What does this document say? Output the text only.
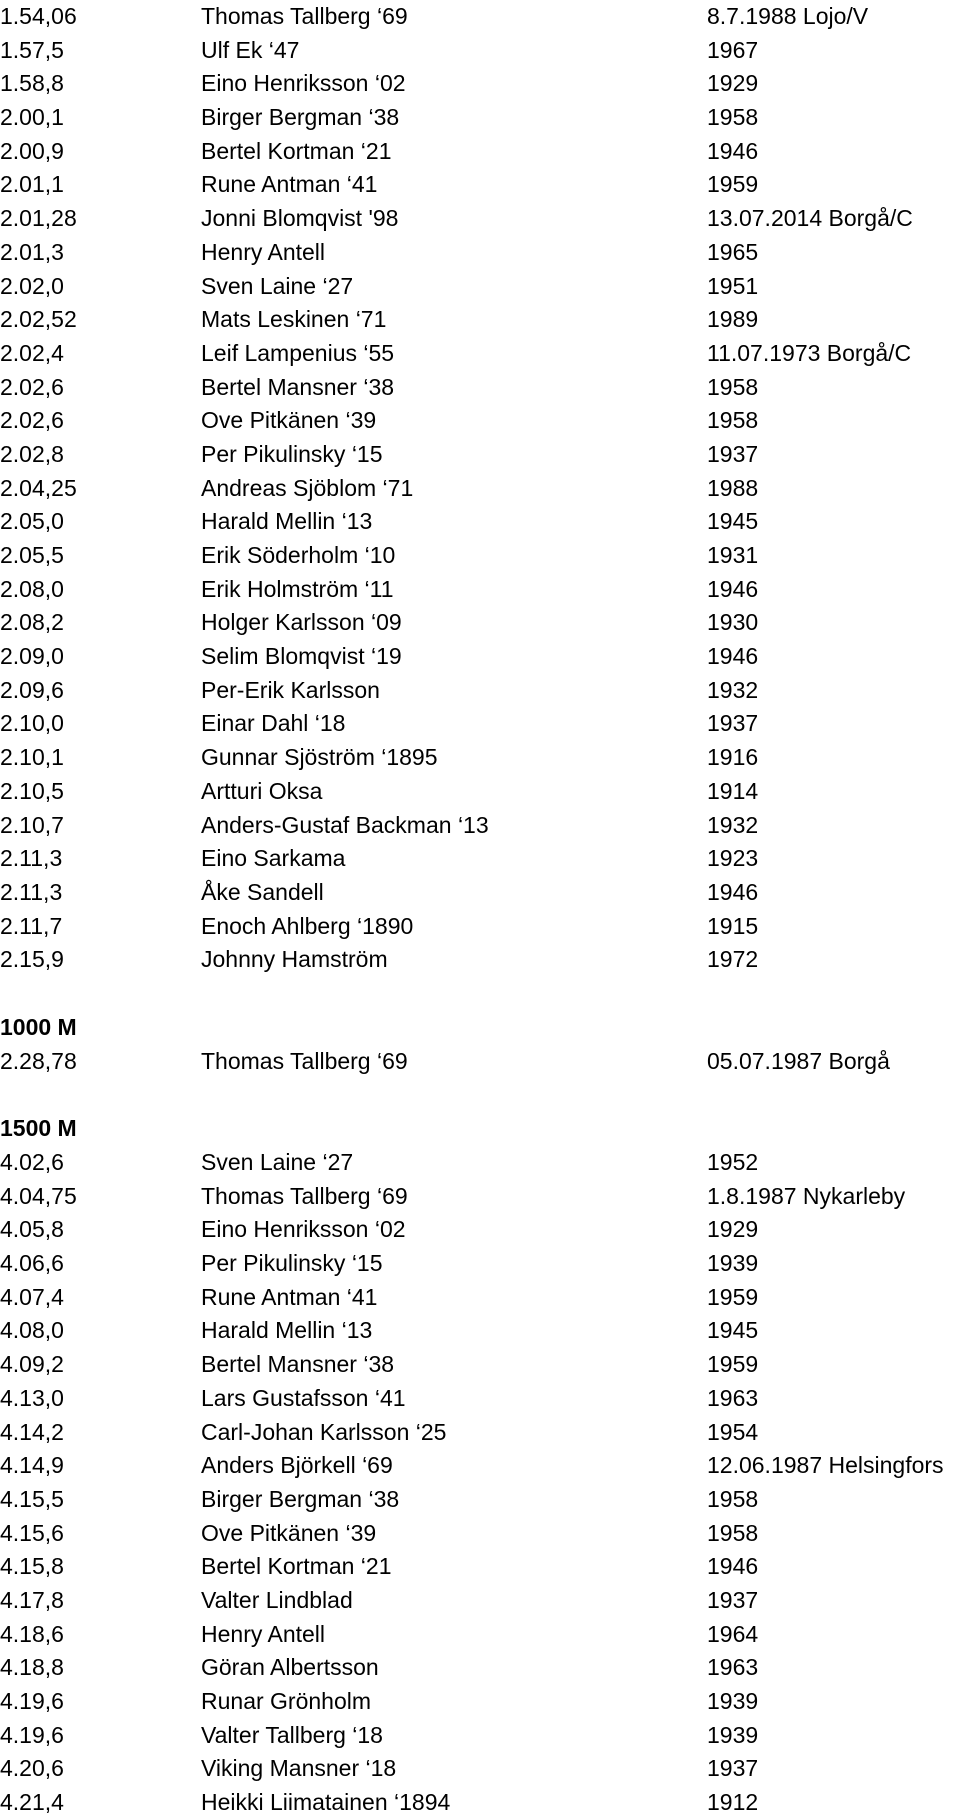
1.54,06	Thomas Tallberg ‘69	8.7.1988 Lojo/V
1.57,5	Ulf Ek ‘47	1967
1.58,8	Eino Henriksson ‘02	1929
2.00,1	Birger Bergman ‘38	1958
2.00,9	Bertel Kortman ‘21	1946
2.01,1	Rune Antman ‘41	1959
2.01,28	Jonni Blomqvist '98	13.07.2014 Borgå/C
2.01,3	Henry Antell	1965
2.02,0	Sven Laine ‘27	1951
2.02,52	Mats Leskinen ‘71	1989
2.02,4	Leif Lampenius ‘55	11.07.1973 Borgå/C
2.02,6	Bertel Mansner ‘38	1958
2.02,6	Ove Pitkänen ‘39	1958
2.02,8	Per Pikulinsky ‘15	1937
2.04,25	Andreas Sjöblom ‘71	1988
2.05,0	Harald Mellin ‘13	1945
2.05,5	Erik Söderholm ‘10	1931
2.08,0	Erik Holmström ‘11	1946
2.08,2	Holger Karlsson ‘09	1930
2.09,0	Selim Blomqvist ‘19	1946
2.09,6	Per-Erik Karlsson	1932
2.10,0	Einar Dahl ‘18	1937
2.10,1	Gunnar Sjöström ‘1895	1916
2.10,5	Artturi Oksa	1914
2.10,7	Anders-Gustaf Backman ‘13	1932
2.11,3	Eino Sarkama	1923
2.11,3	Åke Sandell	1946
2.11,7	Enoch Ahlberg ‘1890	1915
2.15,9	Johnny Hamström	1972
1000 M
2.28,78	Thomas Tallberg ‘69	05.07.1987 Borgå
1500 M
4.02,6	Sven Laine ‘27	1952
4.04,75	Thomas Tallberg ‘69	1.8.1987 Nykarleby
4.05,8	Eino Henriksson ‘02	1929
4.06,6	Per Pikulinsky ‘15	1939
4.07,4	Rune Antman ‘41	1959
4.08,0	Harald Mellin ‘13	1945
4.09,2	Bertel Mansner ‘38	1959
4.13,0	Lars Gustafsson ‘41	1963
4.14,2	Carl-Johan Karlsson ‘25	1954
4.14,9	Anders Björkell ‘69	12.06.1987 Helsingfors
4.15,5	Birger Bergman ‘38	1958
4.15,6	Ove Pitkänen ‘39	1958
4.15,8	Bertel Kortman ‘21	1946
4.17,8	Valter Lindblad	1937
4.18,6	Henry Antell	1964
4.18,8	Göran Albertsson	1963
4.19,6	Runar Grönholm	1939
4.19,6	Valter Tallberg ‘18	1939
4.20,6	Viking Mansner ‘18	1937
4.21,4	Heikki Liimatainen ‘1894	1912
